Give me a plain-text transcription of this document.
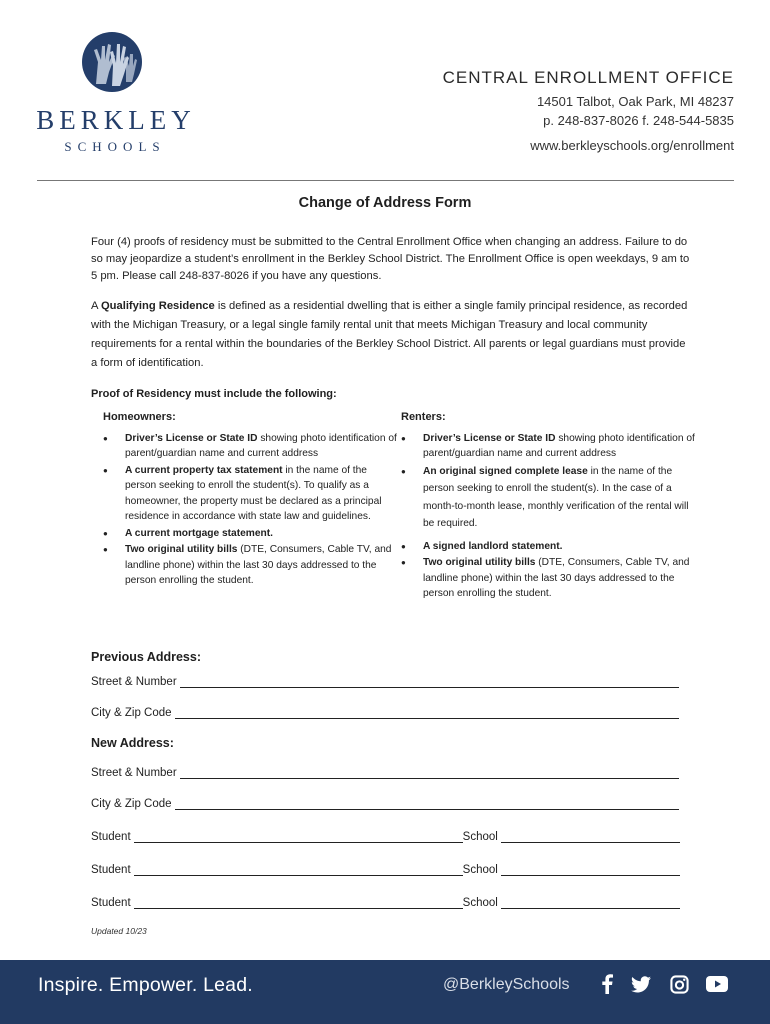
BERKLEY
SCHOOLS
CENTRAL ENROLLMENT OFFICE
14501 Talbot, Oak Park, MI 48237
p. 248-837-8026 f. 248-544-5835
www.berkleyschools.org/enrollment
Change of Address Form
Four (4) proofs of residency must be submitted to the Central Enrollment Office when changing an address. Failure to do so may jeopardize a student’s enrollment in the Berkley School District. The Enrollment Office is open weekdays, 9 am to 5 pm. Please call 248-837-8026 if you have any questions.
A Qualifying Residence is defined as a residential dwelling that is either a single family principal residence, as recorded with the Michigan Treasury, or a legal single family rental unit that meets Michigan Treasury and local community requirements for a rental within the boundaries of the Berkley School District. All parents or legal guardians must provide a form of identification.
Proof of Residency must include the following:
Homeowners:
● Driver’s License or State ID showing photo identification of parent/guardian name and current address
● A current property tax statement in the name of the person seeking to enroll the student(s). To qualify as a homeowner, the property must be declared as a principal residence in accordance with state law and guidelines.
● A current mortgage statement.
● Two original utility bills (DTE, Consumers, Cable TV, and landline phone) within the last 30 days addressed to the person enrolling the student.
Renters:
● Driver’s License or State ID showing photo identification of parent/guardian name and current address
● An original signed complete lease in the name of the person seeking to enroll the student(s). In the case of a month-to-month lease, monthly verification of the rental will be required.
● A signed landlord statement.
● Two original utility bills (DTE, Consumers, Cable TV, and landline phone) within the last 30 days addressed to the person enrolling the student.
Previous Address:
Street & Number
City & Zip Code
New Address:
Street & Number
City & Zip Code
Student	School
Student	School
Student	School
Updated 10/23
Inspire. Empower. Lead.	@BerkleySchools
